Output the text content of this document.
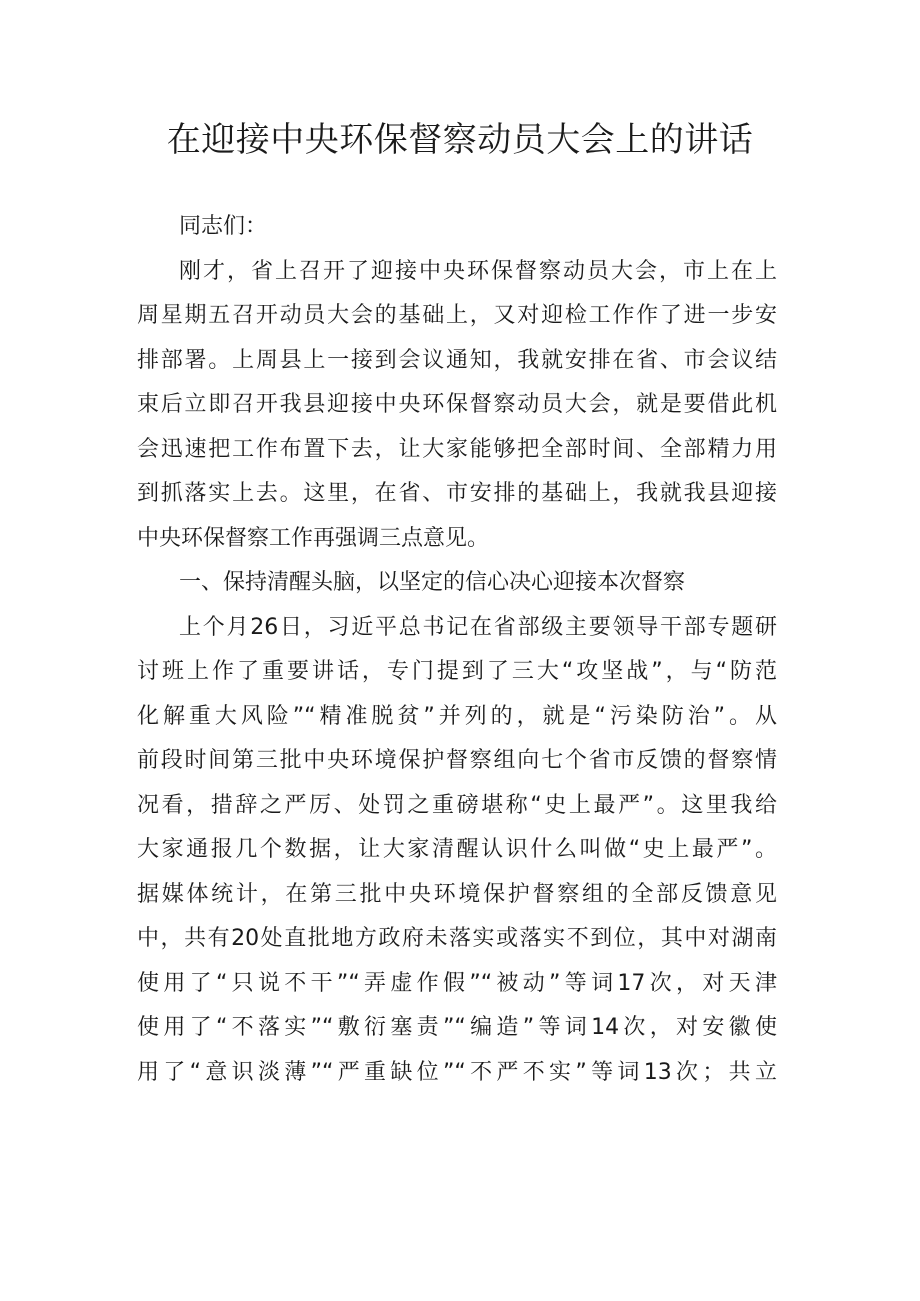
在迎接中央环保督察动员大会上的讲话
同志们：
刚才，省上召开了迎接中央环保督察动员大会，市上在上
周星期五召开动员大会的基础上，又对迎检工作作了进一步安
排部署。上周县上一接到会议通知，我就安排在省、市会议结
束后立即召开我县迎接中央环保督察动员大会，就是要借此机
会迅速把工作布置下去，让大家能够把全部时间、全部精力用
到抓落实上去。这里，在省、市安排的基础上，我就我县迎接
中央环保督察工作再强调三点意见。
一、保持清醒头脑，以坚定的信心决心迎接本次督察
上个月26日，习近平总书记在省部级主要领导干部专题研
讨班上作了重要讲话，专门提到了三大“攻坚战”，与“防范
化解重大风险”“精准脱贫”并列的，就是“污染防治”。从
前段时间第三批中央环境保护督察组向七个省市反馈的督察情
况看，措辞之严厉、处罚之重磅堪称“史上最严”。这里我给
大家通报几个数据，让大家清醒认识什么叫做“史上最严”。
据媒体统计，在第三批中央环境保护督察组的全部反馈意见
中，共有20处直批地方政府未落实或落实不到位，其中对湖南
使用了“只说不干”“弄虚作假”“被动”等词17次，对天津
使用了“不落实”“敷衍塞责”“编造”等词14次，对安徽使
用了“意识淡薄”“严重缺位”“不严不实”等词13次；共立
